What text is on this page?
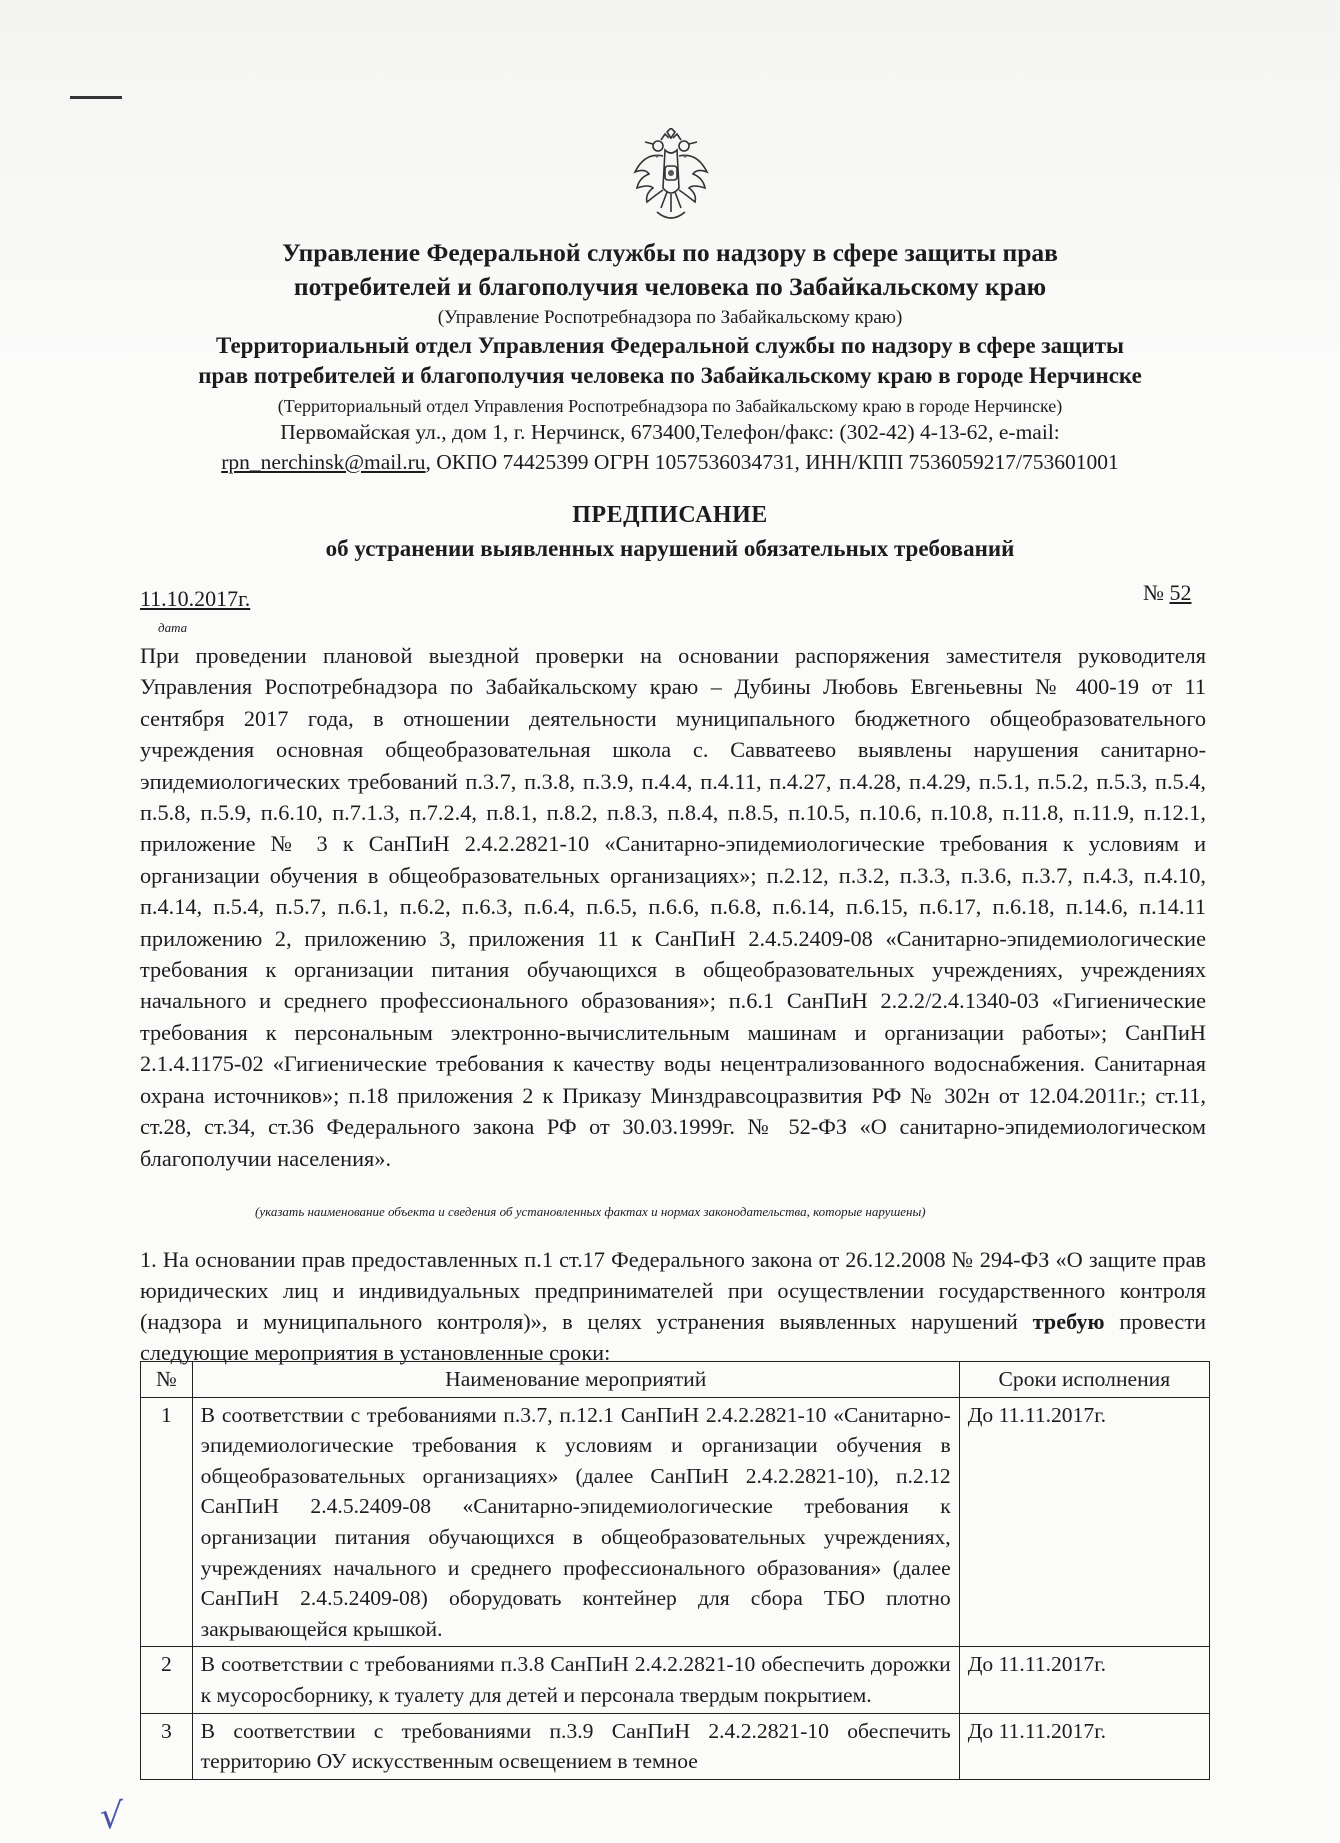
Управление Федеральной службы по надзору в сфере защиты прав
потребителей и благополучия человека по Забайкальскому краю
(Управление Роспотребнадзора по Забайкальскому краю)
Территориальный отдел Управления Федеральной службы по надзору в сфере защиты
прав потребителей и благополучия человека по Забайкальскому краю в городе Нерчинске
(Территориальный отдел Управления Роспотребнадзора по Забайкальскому краю в городе Нерчинске)
Первомайская ул., дом 1, г. Нерчинск, 673400,Телефон/факс: (302-42) 4-13-62, e-mail:
rpn_nerchinsk@mail.ru, ОКПО 74425399 ОГРН 1057536034731, ИНН/КПП 7536059217/753601001
ПРЕДПИСАНИЕ
об устранении выявленных нарушений обязательных требований
11.10.2017г.
дата
№ 52
При проведении плановой выездной проверки на основании распоряжения заместителя руководителя Управления Роспотребнадзора по Забайкальскому краю – Дубины Любовь Евгеньевны № 400-19 от 11 сентября 2017 года, в отношении деятельности муниципального бюджетного общеобразовательного учреждения основная общеобразовательная школа с. Савватеево выявлены нарушения санитарно-эпидемиологических требований п.3.7, п.3.8, п.3.9, п.4.4, п.4.11, п.4.27, п.4.28, п.4.29, п.5.1, п.5.2, п.5.3, п.5.4, п.5.8, п.5.9, п.6.10, п.7.1.3, п.7.2.4, п.8.1, п.8.2, п.8.3, п.8.4, п.8.5, п.10.5, п.10.6, п.10.8, п.11.8, п.11.9, п.12.1, приложение № 3 к СанПиН 2.4.2.2821-10 «Санитарно-эпидемиологические требования к условиям и организации обучения в общеобразовательных организациях»; п.2.12, п.3.2, п.3.3, п.3.6, п.3.7, п.4.3, п.4.10, п.4.14, п.5.4, п.5.7, п.6.1, п.6.2, п.6.3, п.6.4, п.6.5, п.6.6, п.6.8, п.6.14, п.6.15, п.6.17, п.6.18, п.14.6, п.14.11 приложению 2, приложению 3, приложения 11 к СанПиН 2.4.5.2409-08 «Санитарно-эпидемиологические требования к организации питания обучающихся в общеобразовательных учреждениях, учреждениях начального и среднего профессионального образования»; п.6.1 СанПиН 2.2.2/2.4.1340-03 «Гигиенические требования к персональным электронно-вычислительным машинам и организации работы»; СанПиН 2.1.4.1175-02 «Гигиенические требования к качеству воды нецентрализованного водоснабжения. Санитарная охрана источников»; п.18 приложения 2 к Приказу Минздравсоцразвития РФ № 302н от 12.04.2011г.; ст.11, ст.28, ст.34, ст.36 Федерального закона РФ от 30.03.1999г. № 52-ФЗ «О санитарно-эпидемиологическом благополучии населения».
(указать наименование объекта и сведения об установленных фактах и нормах законодательства, которые нарушены)
1. На основании прав предоставленных п.1 ст.17 Федерального закона от 26.12.2008 № 294-ФЗ «О защите прав юридических лиц и индивидуальных предпринимателей при осуществлении государственного контроля (надзора и муниципального контроля)», в целях устранения выявленных нарушений требую провести следующие мероприятия в установленные сроки:
№	Наименование мероприятий	Сроки исполнения
1	В соответствии с требованиями п.3.7, п.12.1 СанПиН 2.4.2.2821-10 «Санитарно-эпидемиологические требования к условиям и организации обучения в общеобразовательных организациях» (далее СанПиН 2.4.2.2821-10), п.2.12 СанПиН 2.4.5.2409-08 «Санитарно-эпидемиологические требования к организации питания обучающихся в общеобразовательных учреждениях, учреждениях начального и среднего профессионального образования» (далее СанПиН 2.4.5.2409-08) оборудовать контейнер для сбора ТБО плотно закрывающейся крышкой.	До 11.11.2017г.
2	В соответствии с требованиями п.3.8 СанПиН 2.4.2.2821-10 обеспечить дорожки к мусоросборнику, к туалету для детей и персонала твердым покрытием.	До 11.11.2017г.
3	В соответствии с требованиями п.3.9 СанПиН 2.4.2.2821-10 обеспечить территорию ОУ искусственным освещением в темное	До 11.11.2017г.
√
